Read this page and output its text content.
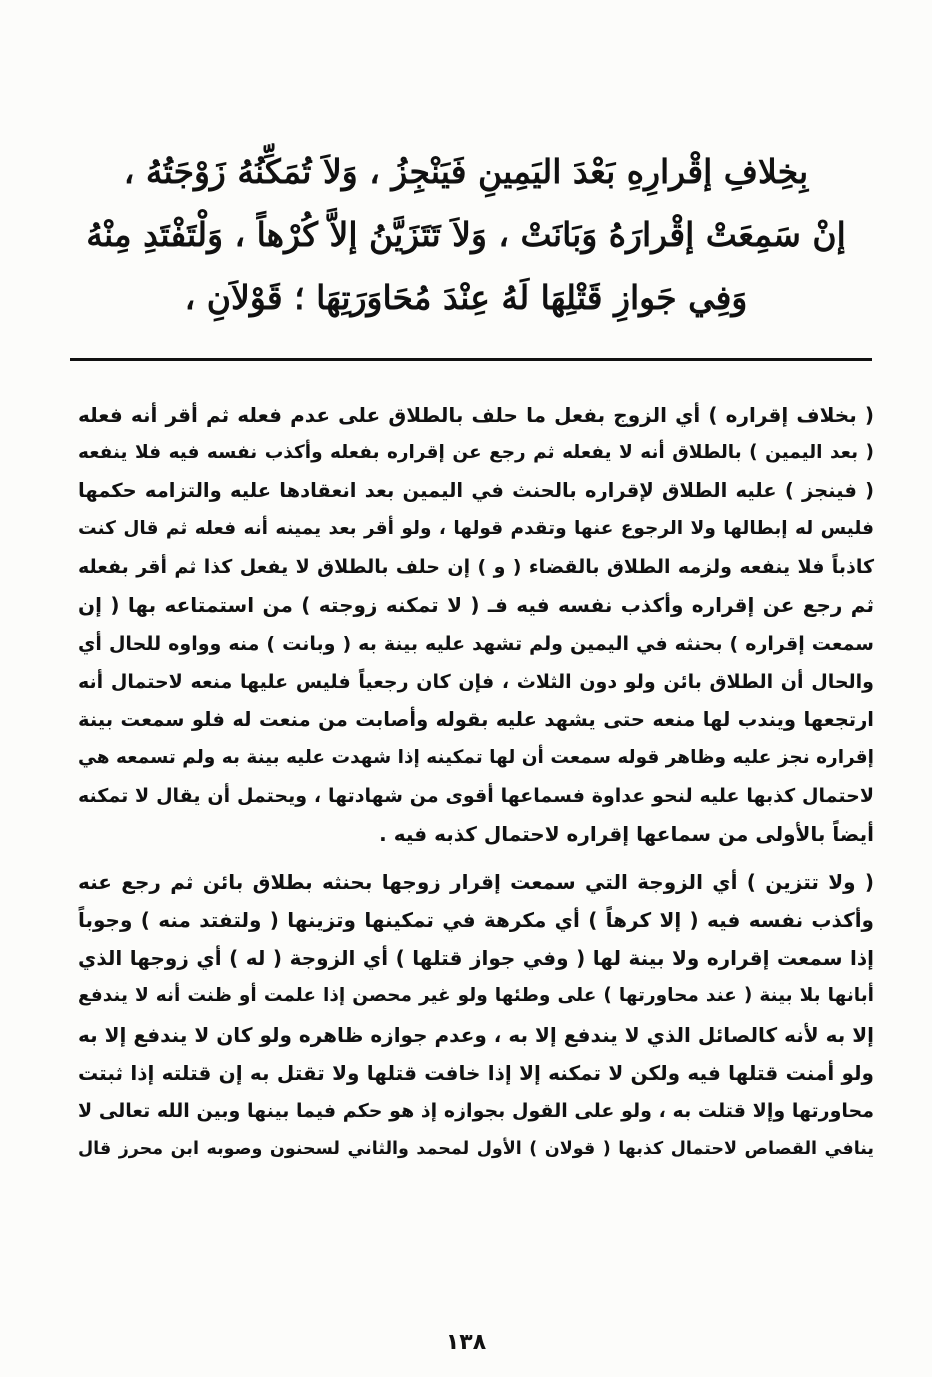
بِخِلافِ إقْرارِهِ بَعْدَ اليَمِينِ فَيَنْجِزُ ، وَلاَ تُمَكِّنُهُ زَوْجَتُهُ ،
إنْ سَمِعَتْ إقْرارَهُ وَبَانَتْ ، وَلاَ تَتَزَيَّنُ إلاَّ كُرْهاً ، وَلْتَفْتَدِ مِنْهُ
وَفِي جَوازِ قَتْلِهَا لَهُ عِنْدَ مُحَاوَرَتِهَا ؛ قَوْلاَنِ ،
( بخلاف إقراره ) أي الزوج بفعل ما حلف بالطلاق على عدم فعله ثم أقر أنه فعله
( بعد اليمين ) بالطلاق أنه لا يفعله ثم رجع عن إقراره بفعله وأكذب نفسه فيه فلا ينفعه
( فينجز ) عليه الطلاق لإقراره بالحنث في اليمين بعد انعقادها عليه والتزامه حكمها
فليس له إبطالها ولا الرجوع عنها وتقدم قولها ، ولو أقر بعد يمينه أنه فعله ثم قال كنت
كاذباً فلا ينفعه ولزمه الطلاق بالقضاء ( و ) إن حلف بالطلاق لا يفعل كذا ثم أقر بفعله
ثم رجع عن إقراره وأكذب نفسه فيه فـ ( لا تمكنه زوجته ) من استمتاعه بها ( إن
سمعت إقراره ) بحنثه في اليمين ولم تشهد عليه بينة به ( وبانت ) منه وواوه للحال أي
والحال أن الطلاق بائن ولو دون الثلاث ، فإن كان رجعياً فليس عليها منعه لاحتمال أنه
ارتجعها ويندب لها منعه حتى يشهد عليه بقوله وأصابت من منعت له فلو سمعت بينة
إقراره نجز عليه وظاهر قوله سمعت أن لها تمكينه إذا شهدت عليه بينة به ولم تسمعه هي
لاحتمال كذبها عليه لنحو عداوة فسماعها أقوى من شهادتها ، ويحتمل أن يقال لا تمكنه
أيضاً بالأولى من سماعها إقراره لاحتمال كذبه فيه .
( ولا تتزين ) أي الزوجة التي سمعت إقرار زوجها بحنثه بطلاق بائن ثم رجع عنه
وأكذب نفسه فيه ( إلا كرهاً ) أي مكرهة في تمكينها وتزينها ( ولتفتد منه ) وجوباً
إذا سمعت إقراره ولا بينة لها ( وفي جواز قتلها ) أي الزوجة ( له ) أي زوجها الذي
أبانها بلا بينة ( عند محاورتها ) على وطئها ولو غير محصن إذا علمت أو ظنت أنه لا يندفع
إلا به لأنه كالصائل الذي لا يندفع إلا به ، وعدم جوازه ظاهره ولو كان لا يندفع إلا به
ولو أمنت قتلها فيه ولكن لا تمكنه إلا إذا خافت قتلها ولا تقتل به إن قتلته إذا ثبتت
محاورتها وإلا قتلت به ، ولو على القول بجوازه إذ هو حكم فيما بينها وبين الله تعالى لا
ينافي القصاص لاحتمال كذبها ( قولان ) الأول لمحمد والثاني لسحنون وصوبه ابن محرز قال
١٣٨
